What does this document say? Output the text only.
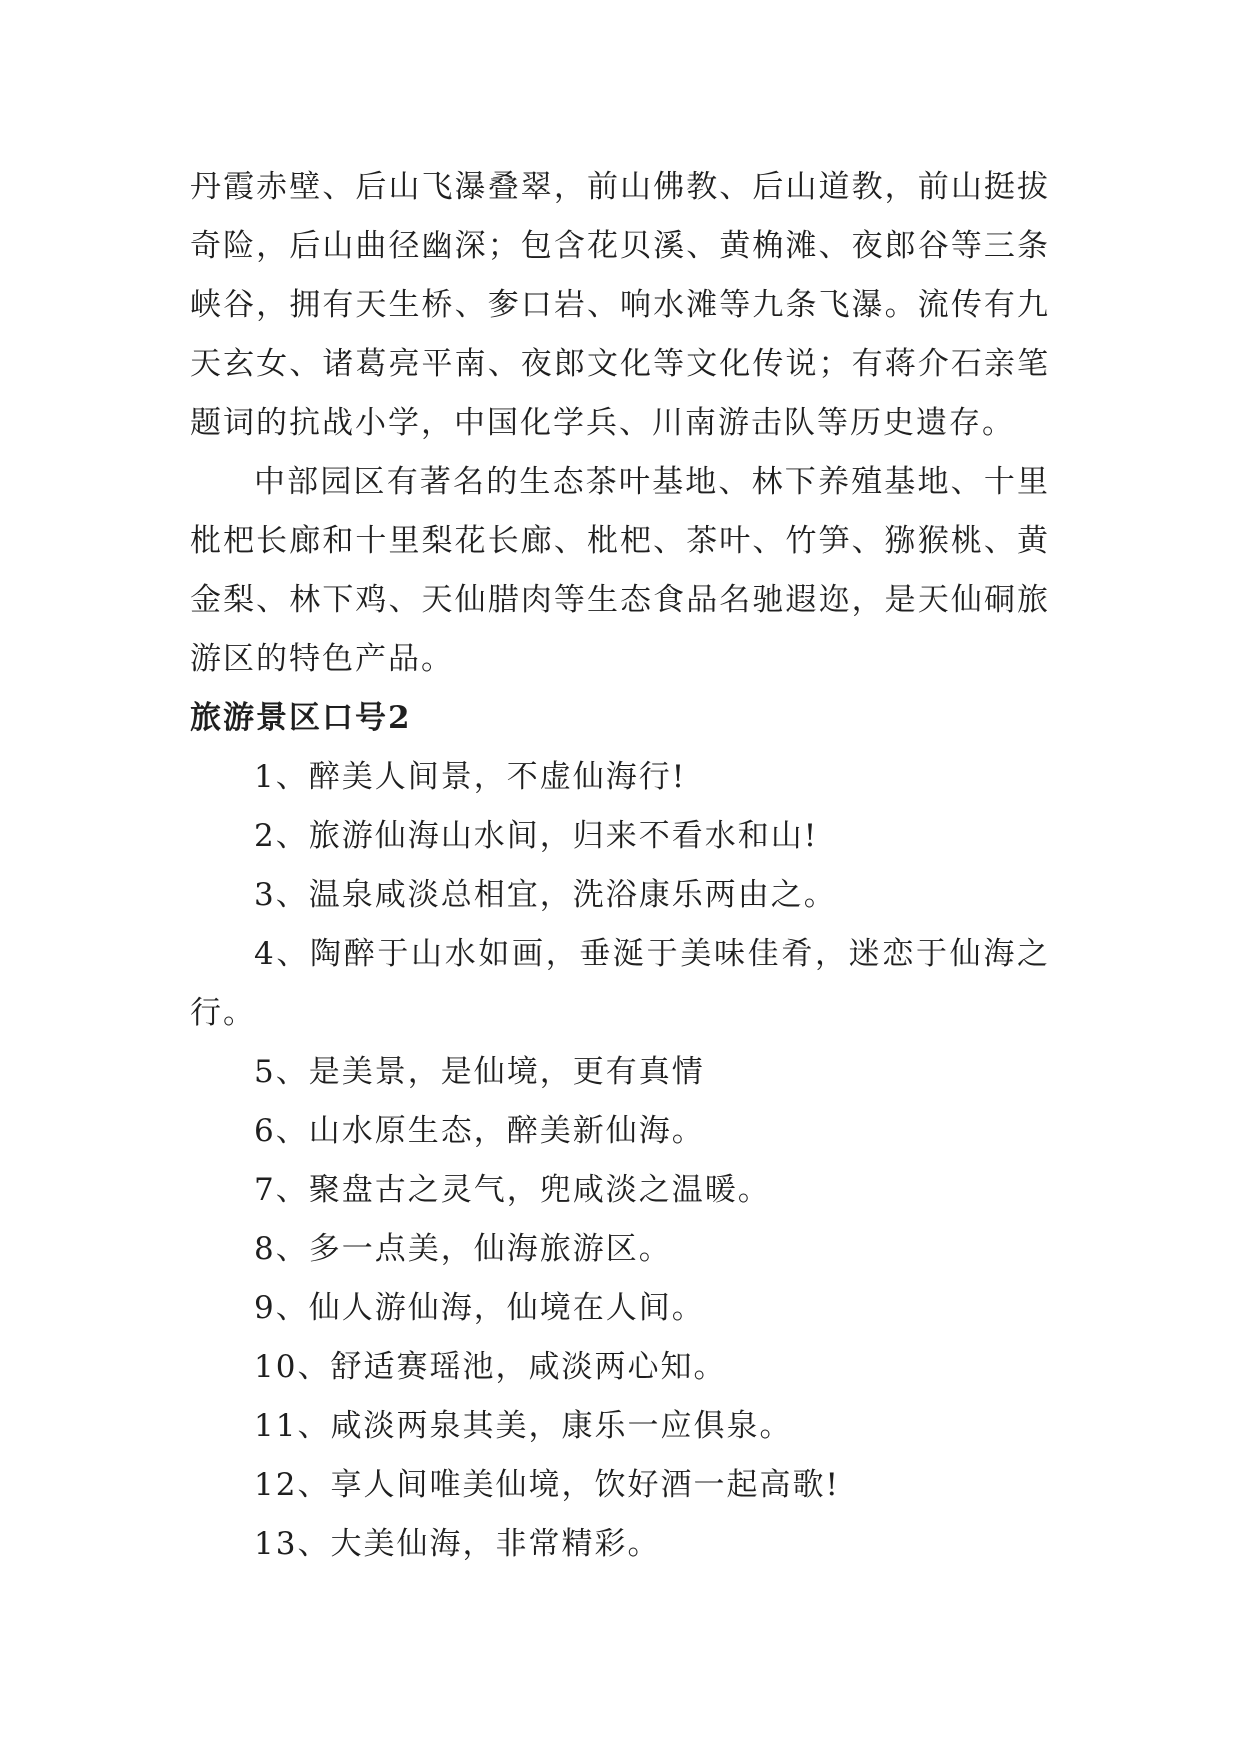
丹霞赤壁、后山飞瀑叠翠，前山佛教、后山道教，前山挺拔奇险，后山曲径幽深；包含花贝溪、黄桷滩、夜郎谷等三条峡谷，拥有天生桥、奓口岩、响水滩等九条飞瀑。流传有九天玄女、诸葛亮平南、夜郎文化等文化传说；有蒋介石亲笔题词的抗战小学，中国化学兵、川南游击队等历史遗存。

中部园区有著名的生态茶叶基地、林下养殖基地、十里枇杷长廊和十里梨花长廊、枇杷、茶叶、竹笋、猕猴桃、黄金梨、林下鸡、天仙腊肉等生态食品名驰遐迩，是天仙硐旅游区的特色产品。

旅游景区口号2
1、醉美人间景，不虚仙海行!
2、旅游仙海山水间，归来不看水和山!
3、温泉咸淡总相宜，洗浴康乐两由之。
4、陶醉于山水如画，垂涎于美味佳肴，迷恋于仙海之行。
5、是美景，是仙境，更有真情
6、山水原生态，醉美新仙海。
7、聚盘古之灵气，兜咸淡之温暖。
8、多一点美，仙海旅游区。
9、仙人游仙海，仙境在人间。
10、舒适赛瑶池，咸淡两心知。
11、咸淡两泉其美，康乐一应俱泉。
12、享人间唯美仙境，饮好酒一起高歌!
13、大美仙海，非常精彩。
